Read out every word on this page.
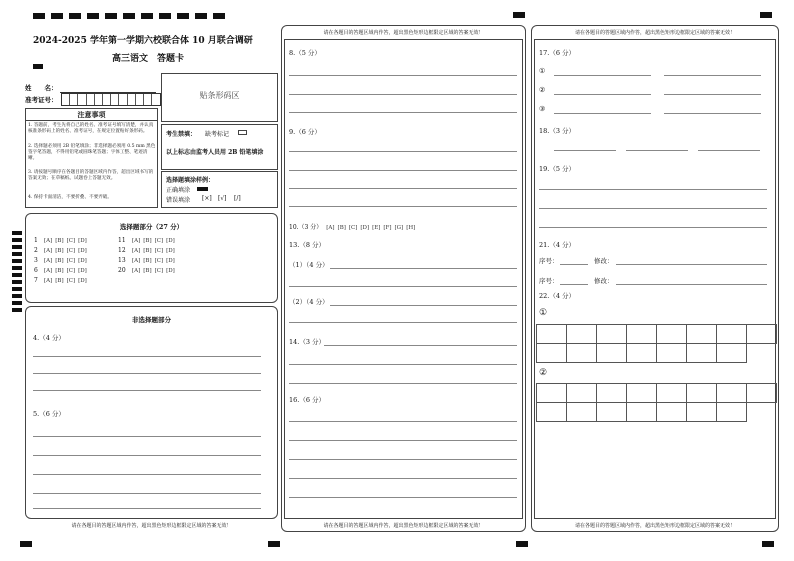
2024-2025 学年第一学期六校联合体 10 月联合调研
高三语文　答题卡
姓　　名：
准考证号：	贴条形码区
注意事项
1. 答题前，考生先将自己的姓名、准考证号填写清楚，并认真核准条形码上的姓名、准考证号，在规定位置贴好条形码。
2. 选择题必须用 2B 铅笔填涂；非选择题必须用 0.5 mm 黑色签字笔答题，不得用铅笔或圆珠笔答题；字体工整、笔迹清晰。
3. 请按题号顺序在各题目的答题区域内作答，超出区域书写的答案无效；在草稿纸、试题卷上答题无效。
4. 保持卡面清洁，不要折叠、不要弄破。
考生禁填： 缺考标记
以上标志由监考人员用 2B 铅笔填涂
选择题填涂样例：
正确填涂
错误填涂 [×] [√] [/]
选择题部分（27 分）
1 [A] [B] [C] [D]
2 [A] [B] [C] [D]
3 [A] [B] [C] [D]
6 [A] [B] [C] [D]
7 [A] [B] [C] [D]
11 [A] [B] [C] [D]
12 [A] [B] [C] [D]
13 [A] [B] [C] [D]
20 [A] [B] [C] [D]
非选择题部分
4.（4 分）
5.（6 分）
请在各题目的答题区域内作答，超出黑色矩形边框限定区域的答案无效！
请在各题目的答题区域内作答，超出黑色矩形边框限定区域的答案无效！
8.（5 分）
9.（6 分）
10.（3 分） [A] [B] [C] [D] [E] [F] [G] [H]
13.（8 分）
（1）（4 分）
（2）（4 分）
14.（3 分）
16.（6 分）
请在各题目的答题区域内作答，超出黑色矩形边框限定区域的答案无效！
请在各题目的答题区域内作答，超出黑色矩形边框限定区域的答案无效！
17.（6 分）
①
②
③
18.（3 分）
19.（5 分）
21.（4 分）
序号：	修改：
序号：	修改：
22.（4 分）
①

②

请在各题目的答题区域内作答，超出黑色矩形边框限定区域的答案无效！
